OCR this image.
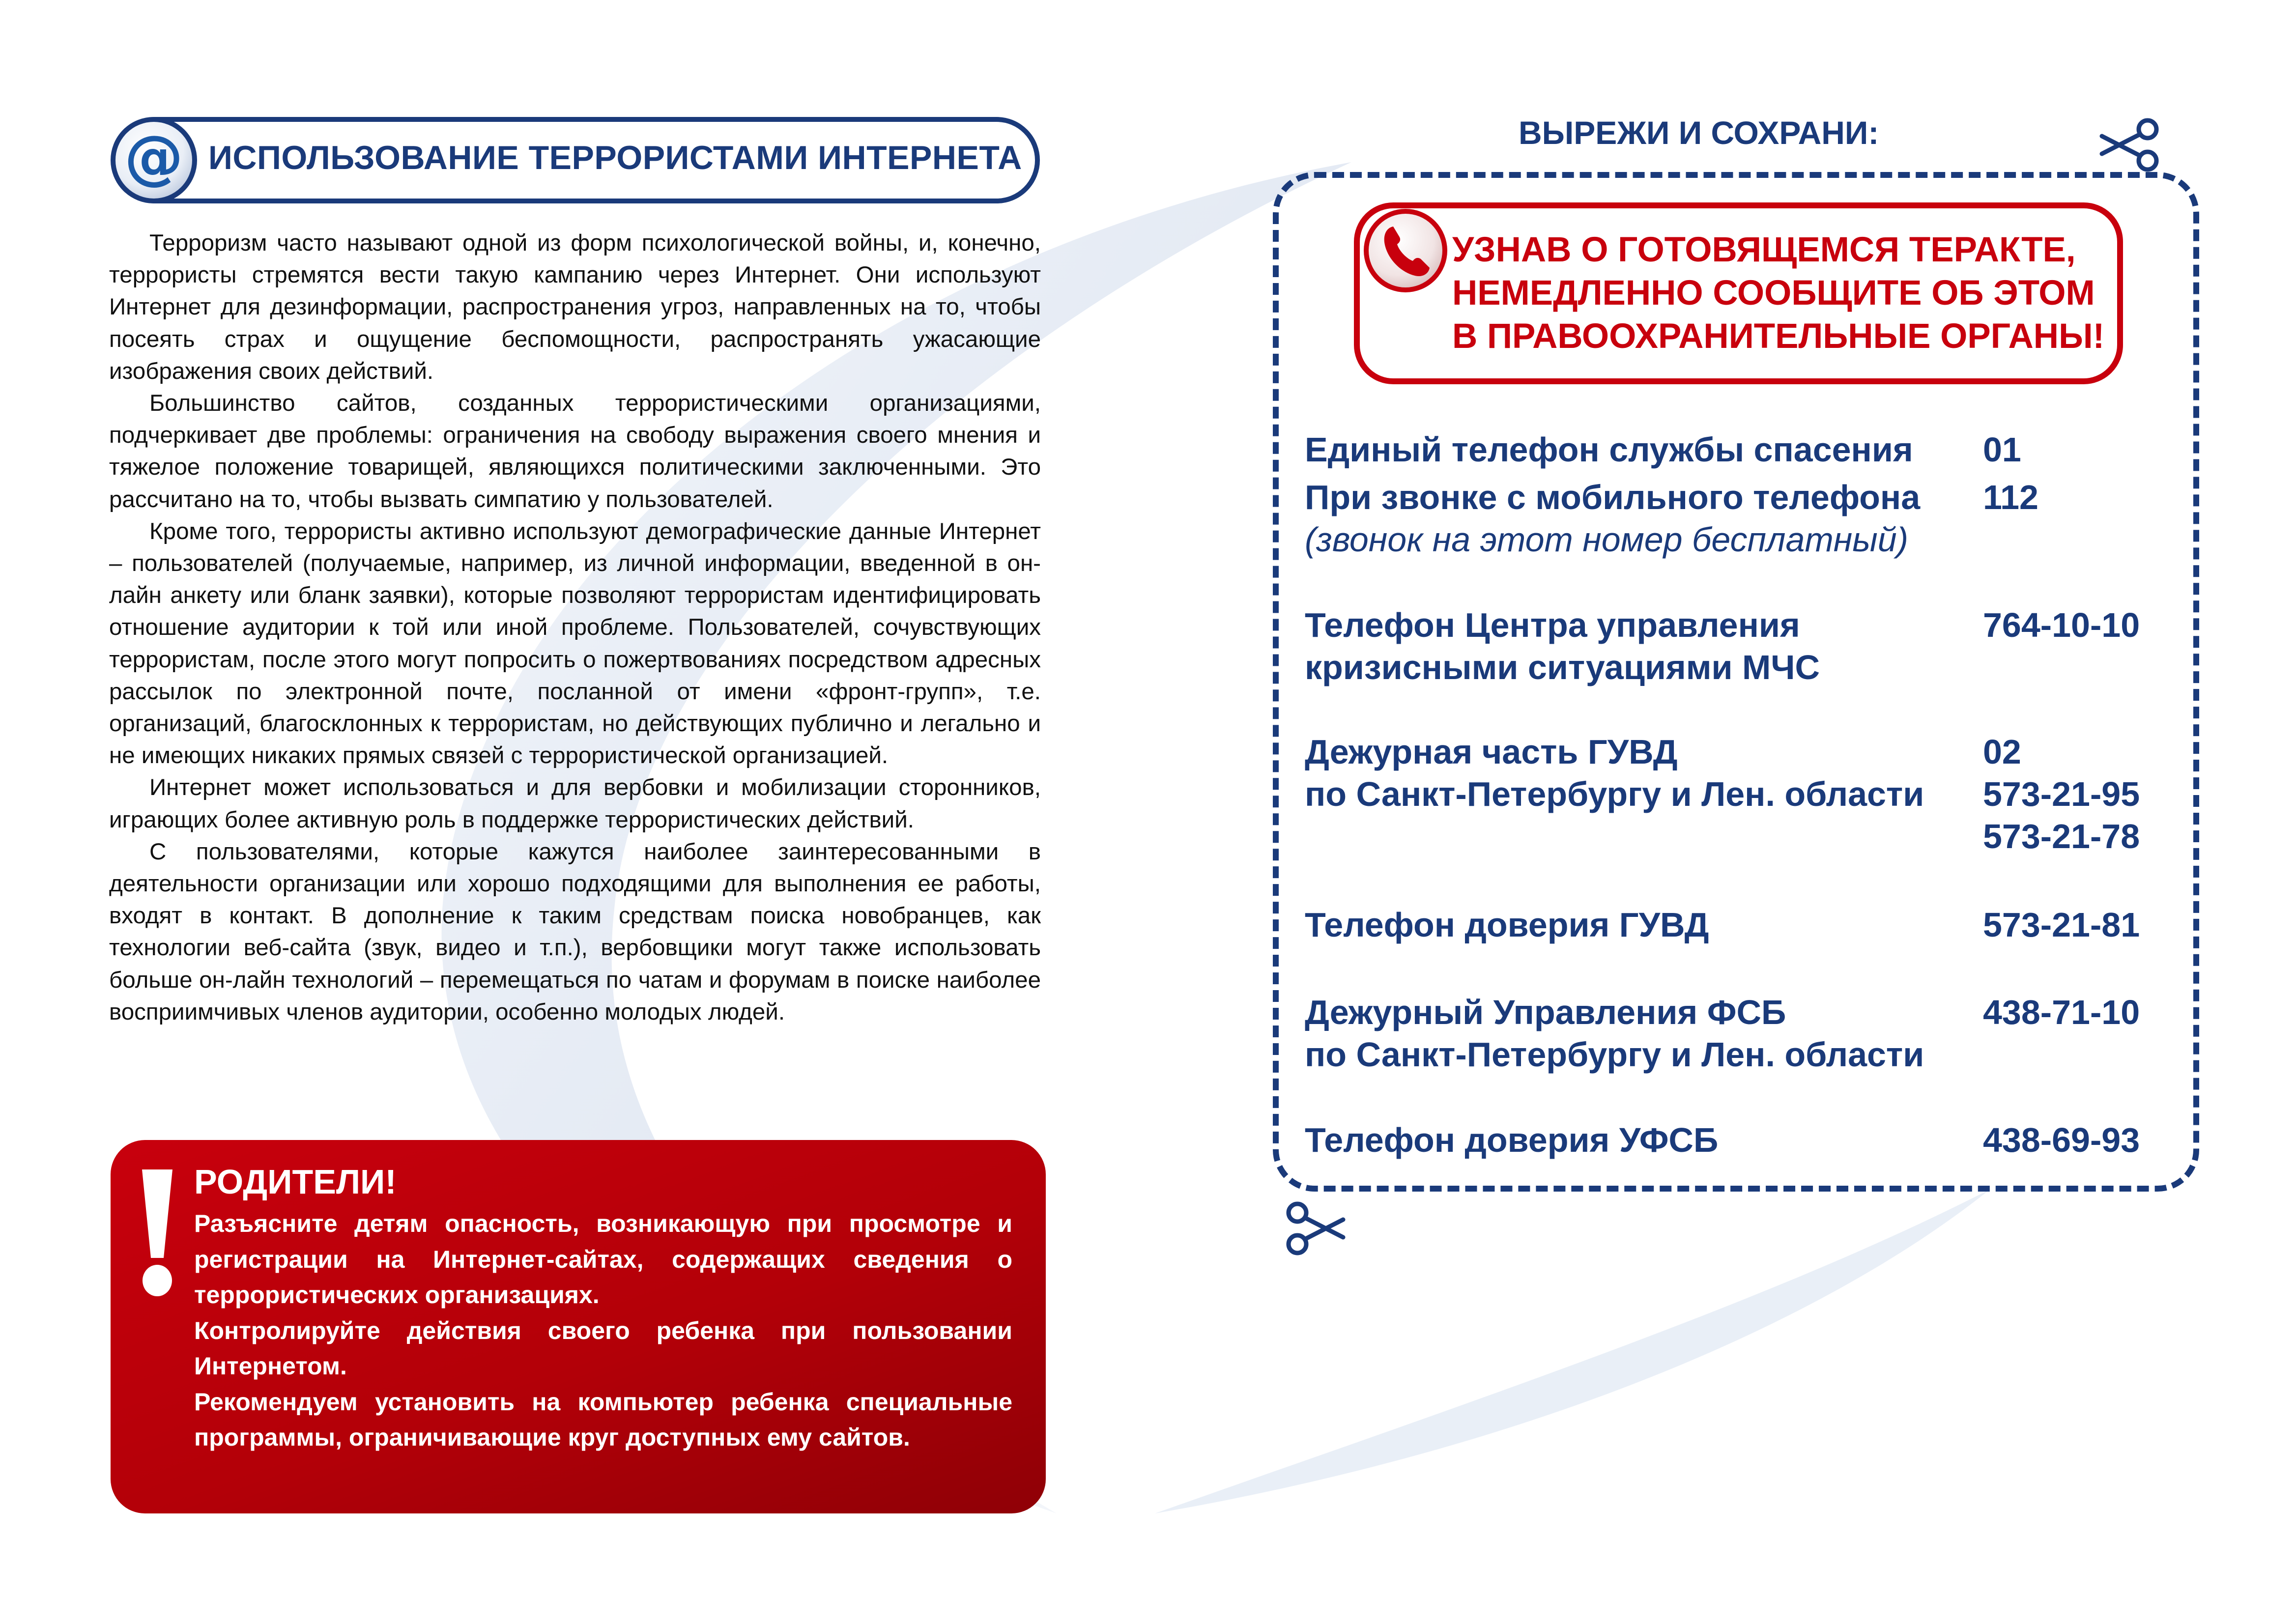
@ ИСПОЛЬЗОВАНИЕ ТЕРРОРИСТАМИ ИНТЕРНЕТА

Терроризм часто называют одной из форм психологической войны, и, конечно, террористы стремятся вести такую кампанию через Интернет. Они используют Интернет для дезинформации, распространения угроз, направленных на то, чтобы посеять страх и ощущение беспомощности, распространять ужасающие изображения своих действий.

Большинство сайтов, созданных террористическими организациями, подчеркивает две проблемы: ограничения на свободу выражения своего мнения и тяжелое положение товарищей, являющихся политическими заключенными. Это рассчитано на то, чтобы вызвать симпатию у пользователей.

Кроме того, террористы активно используют демографические данные Интернет – пользователей (получаемые, например, из личной информации, введенной в он-лайн анкету или бланк заявки), которые позволяют террористам идентифицировать отношение аудитории к той или иной проблеме. Пользователей, сочувствующих террористам, после этого могут попросить о пожертвованиях посредством адресных рассылок по электронной почте, посланной от имени «фронт-групп», т.е. организаций, благосклонных к террористам, но действующих публично и легально и не имеющих никаких прямых связей с террористической организацией.

Интернет может использоваться и для вербовки и мобилизации сторонников, играющих более активную роль в поддержке террористических действий.

С пользователями, которые кажутся наиболее заинтересованными в деятельности организации или хорошо подходящими для выполнения ее работы, входят в контакт. В дополнение к таким средствам поиска новобранцев, как технологии веб-сайта (звук, видео и т.п.), вербовщики могут также использовать больше он-лайн технологий – перемещаться по чатам и форумам в поиске наиболее восприимчивых членов аудитории, особенно молодых людей.

РОДИТЕЛИ!

Разъясните детям опасность, возникающую при просмотре и регистрации на Интернет-сайтах, содержащих сведения о террористических организациях.

Контролируйте действия своего ребенка при пользовании Интернетом.

Рекомендуем установить на компьютер ребенка специальные программы, ограничивающие круг доступных ему сайтов.

ВЫРЕЖИ И СОХРАНИ:
УЗНАВ О ГОТОВЯЩЕМСЯ ТЕРАКТЕ,
НЕМЕДЛЕННО СООБЩИТЕ ОБ ЭТОМ
В ПРАВООХРАНИТЕЛЬНЫЕ ОРГАНЫ!
Единый телефон службы спасения 01
При звонке с мобильного телефона 112
(звонок на этот номер бесплатный)
Телефон Центра управления
кризисными ситуациями МЧС
764-10-10
Дежурная часть ГУВД
по Санкт-Петербургу и Лен. области
02
573-21-95
573-21-78
Телефон доверия ГУВД	573-21-81
Дежурный Управления ФСБ
по Санкт-Петербургу и Лен. области
438-71-10
Телефон доверия УФСБ	438-69-93
